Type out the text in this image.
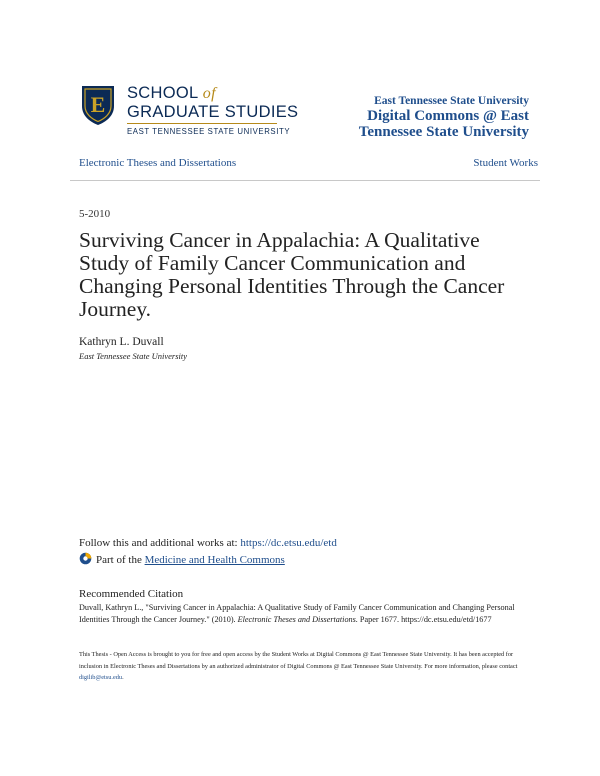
E SCHOOL of
GRADUATE STUDIES
EAST TENNESSEE STATE UNIVERSITY
East Tennessee State University
Digital Commons @ East Tennessee State University
Electronic Theses and Dissertations	Student Works
5-2010
Surviving Cancer in Appalachia: A Qualitative Study of Family Cancer Communication and Changing Personal Identities Through the Cancer Journey.
Kathryn L. Duvall
East Tennessee State University
Follow this and additional works at: https://dc.etsu.edu/etd
Part of the Medicine and Health Commons
Recommended Citation
Duvall, Kathryn L., "Surviving Cancer in Appalachia: A Qualitative Study of Family Cancer Communication and Changing Personal Identities Through the Cancer Journey." (2010). Electronic Theses and Dissertations. Paper 1677. https://dc.etsu.edu/etd/1677
This Thesis - Open Access is brought to you for free and open access by the Student Works at Digital Commons @ East Tennessee State University. It has been accepted for inclusion in Electronic Theses and Dissertations by an authorized administrator of Digital Commons @ East Tennessee State University. For more information, please contact digilib@etsu.edu.
